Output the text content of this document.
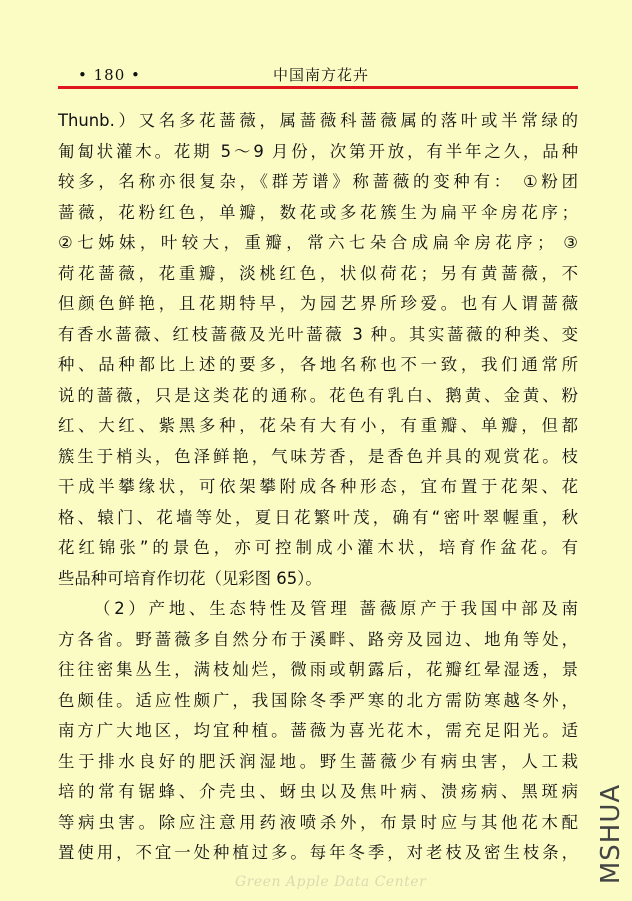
• 180 •	中国南方花卉
Thunb.）又名多花蔷薇，属蔷薇科蔷薇属的落叶或半常绿的
匍匐状灌木。花期 5～9 月份，次第开放，有半年之久，品种
较多，名称亦很复杂，《群芳谱》称蔷薇的变种有： ①粉团
蔷薇，花粉红色，单瓣，数花或多花簇生为扁平伞房花序；
②七姊妹，叶较大，重瓣，常六七朵合成扁伞房花序； ③
荷花蔷薇，花重瓣，淡桃红色，状似荷花；另有黄蔷薇，不
但颜色鲜艳，且花期特早，为园艺界所珍爱。也有人谓蔷薇
有香水蔷薇、红枝蔷薇及光叶蔷薇 3 种。其实蔷薇的种类、变
种、品种都比上述的要多，各地名称也不一致，我们通常所
说的蔷薇，只是这类花的通称。花色有乳白、鹅黄、金黄、粉
红、大红、紫黑多种，花朵有大有小，有重瓣、单瓣，但都
簇生于梢头，色泽鲜艳，气味芳香，是香色并具的观赏花。枝
干成半攀缘状，可依架攀附成各种形态，宜布置于花架、花
格、辕门、花墙等处，夏日花繁叶茂，确有“密叶翠幄重，秋
花红锦张”的景色，亦可控制成小灌木状，培育作盆花。有
些品种可培育作切花（见彩图 65）。
（2）产地、生态特性及管理 蔷薇原产于我国中部及南
方各省。野蔷薇多自然分布于溪畔、路旁及园边、地角等处，
往往密集丛生，满枝灿烂，微雨或朝露后，花瓣红晕湿透，景
色颇佳。适应性颇广，我国除冬季严寒的北方需防寒越冬外，
南方广大地区，均宜种植。蔷薇为喜光花木，需充足阳光。适
生于排水良好的肥沃润湿地。野生蔷薇少有病虫害，人工栽
培的常有锯蜂、介壳虫、蚜虫以及焦叶病、溃疡病、黑斑病
等病虫害。除应注意用药液喷杀外，布景时应与其他花木配
置使用，不宜一处种植过多。每年冬季，对老枝及密生枝条，
Green Apple Data Center	MSHUA
